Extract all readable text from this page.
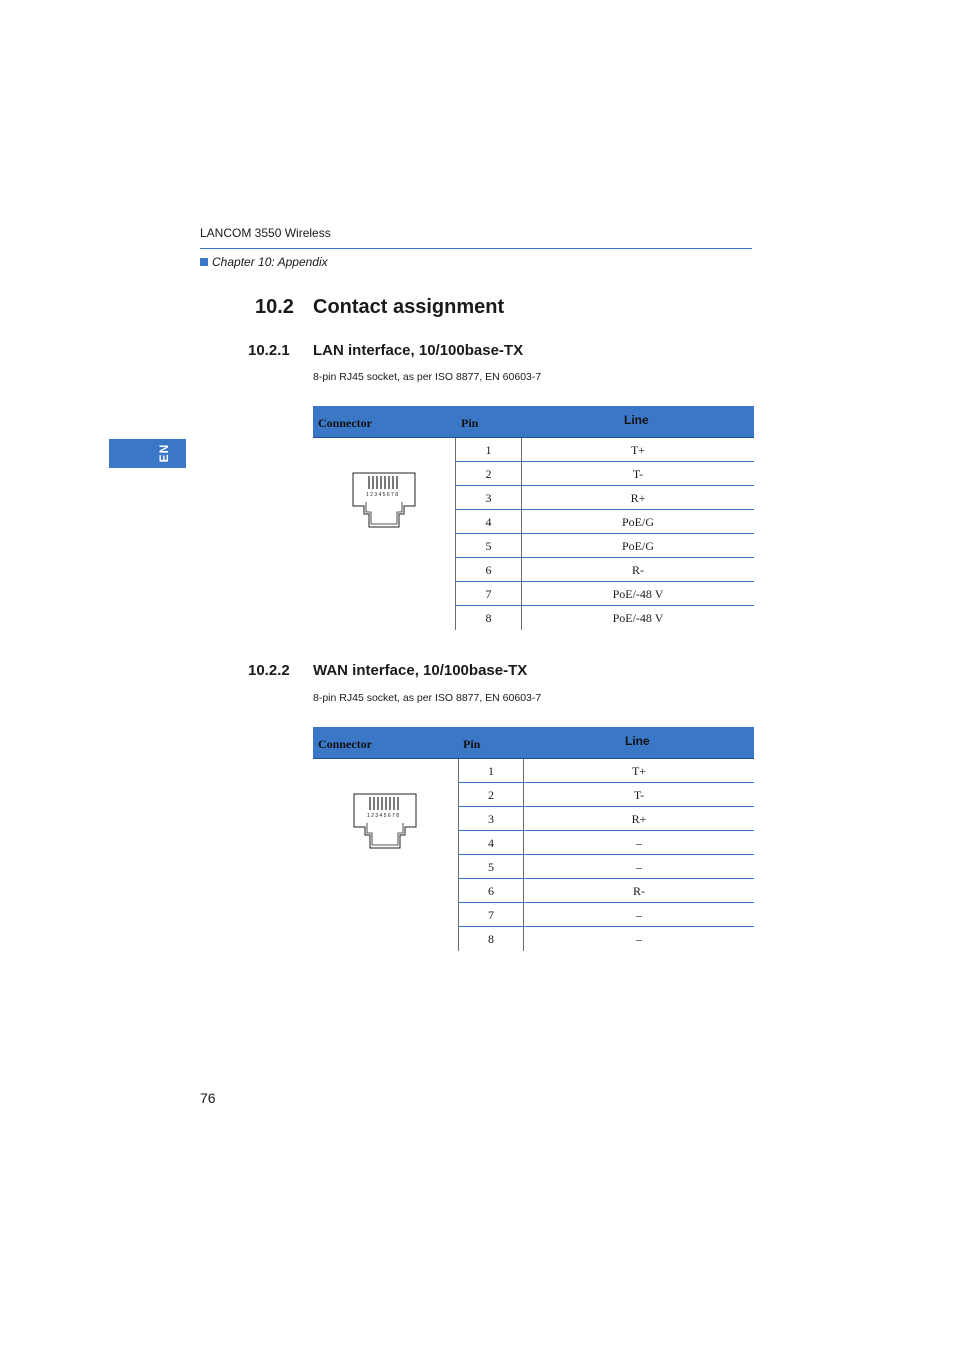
LANCOM 3550 Wireless
Chapter 10: Appendix
EN
10.2 Contact assignment
10.2.1 LAN interface, 10/100base-TX
8-pin RJ45 socket, as per ISO 8877, EN 60603-7
Connector	Pin	Line
1 2 3 4 5 6 7 8
1	T+
2	T-
3	R+
4	PoE/G
5	PoE/G
6	R-
7	PoE/-48 V
8	PoE/-48 V
10.2.2 WAN interface, 10/100base-TX
8-pin RJ45 socket, as per ISO 8877, EN 60603-7
Connector	Pin	Line
1 2 3 4 5 6 7 8
1	T+
2	T-
3	R+
4	–
5	–
6	R-
7	–
8	–
76
